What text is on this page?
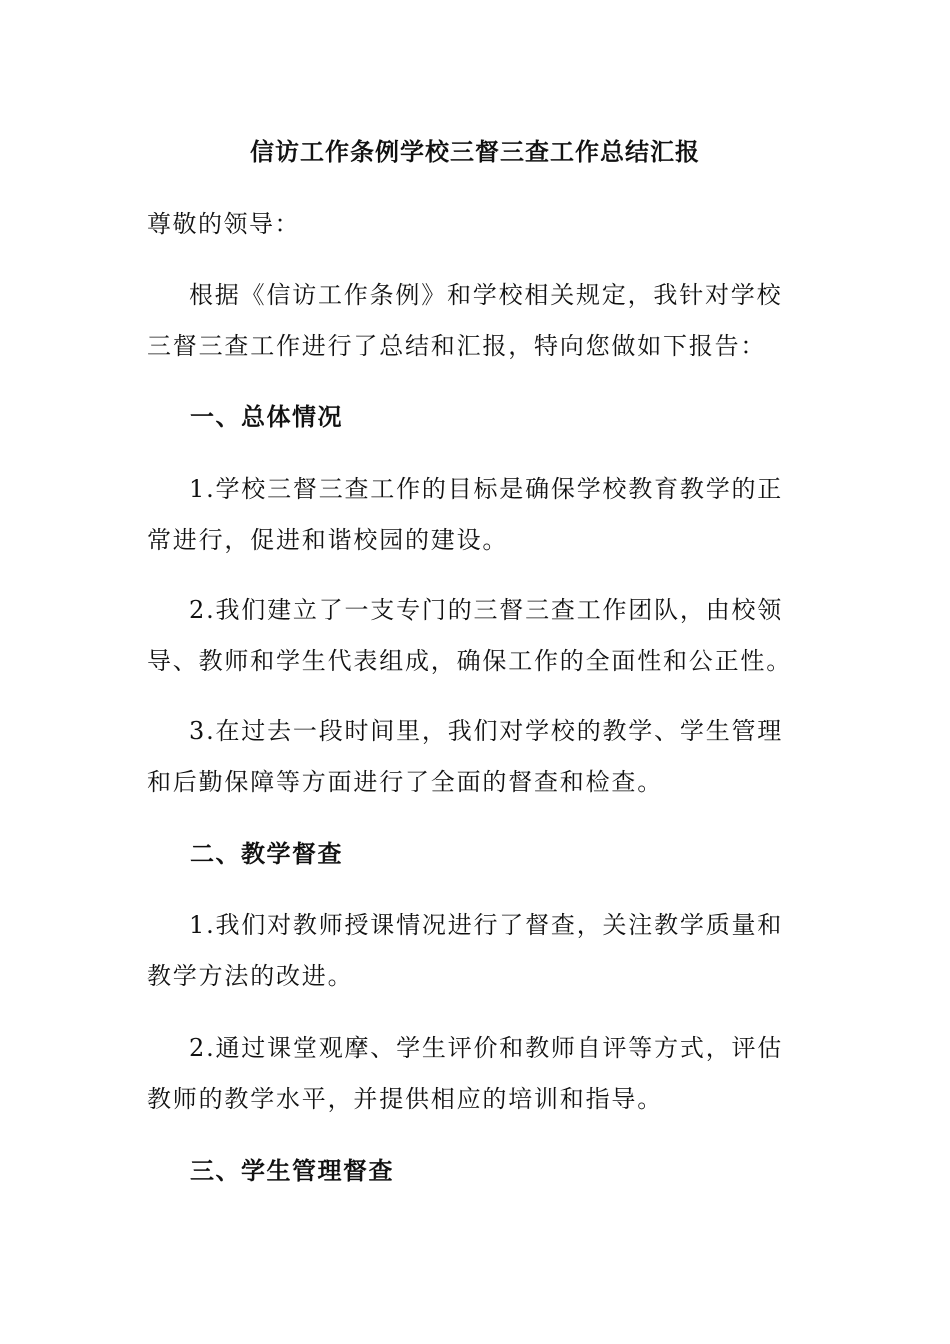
信访工作条例学校三督三查工作总结汇报
尊敬的领导：

根据《信访工作条例》和学校相关规定，我针对学校三督三查工作进行了总结和汇报，特向您做如下报告：

一、总体情况

1.学校三督三查工作的目标是确保学校教育教学的正常进行，促进和谐校园的建设。

2.我们建立了一支专门的三督三查工作团队，由校领导、教师和学生代表组成，确保工作的全面性和公正性。

3.在过去一段时间里，我们对学校的教学、学生管理和后勤保障等方面进行了全面的督查和检查。

二、教学督查

1.我们对教师授课情况进行了督查，关注教学质量和教学方法的改进。

2.通过课堂观摩、学生评价和教师自评等方式，评估教师的教学水平，并提供相应的培训和指导。

三、学生管理督查
